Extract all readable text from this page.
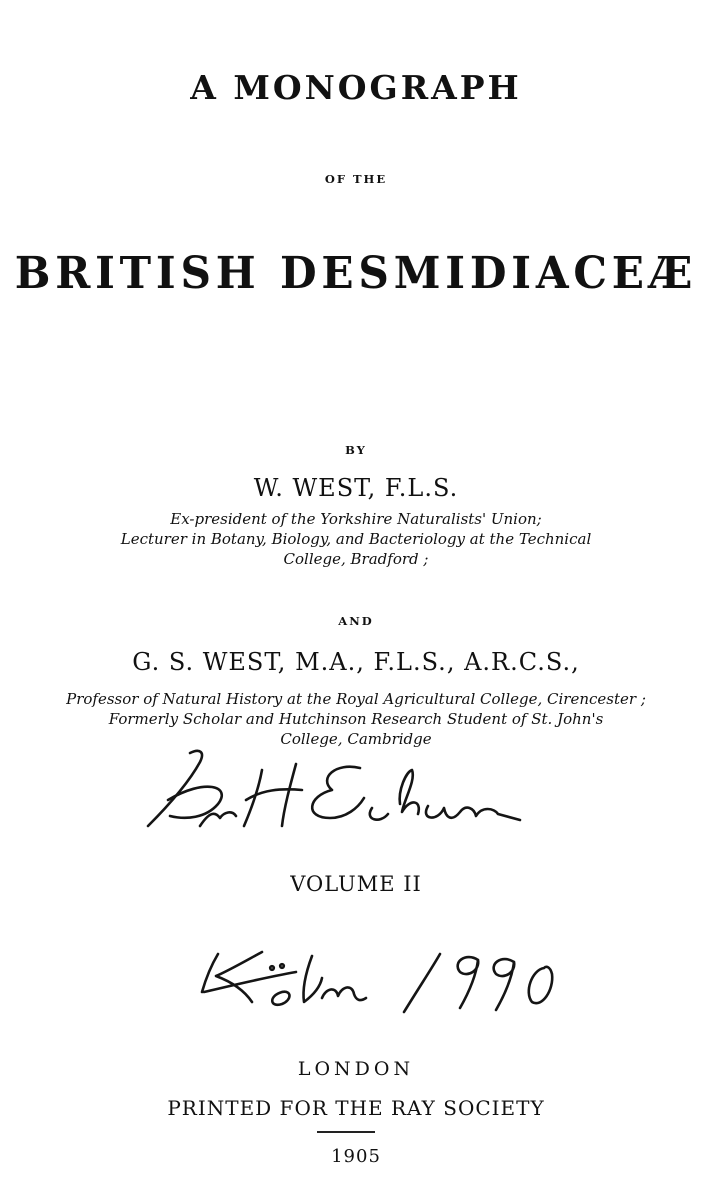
A MONOGRAPH

OF THE

BRITISH DESMIDIACEÆ

BY

W. WEST, F.L.S.

Ex-president of the Yorkshire Naturalists' Union;
Lecturer in Botany, Biology, and Bacteriology at the Technical
College, Bradford ;

AND

G. S. WEST, M.A., F.L.S., A.R.C.S.,

Professor of Natural History at the Royal Agricultural College, Cirencester ;
Formerly Scholar and Hutchinson Research Student of St. John's
College, Cambridge

VOLUME II

LONDON

PRINTED FOR THE RAY SOCIETY

1905
